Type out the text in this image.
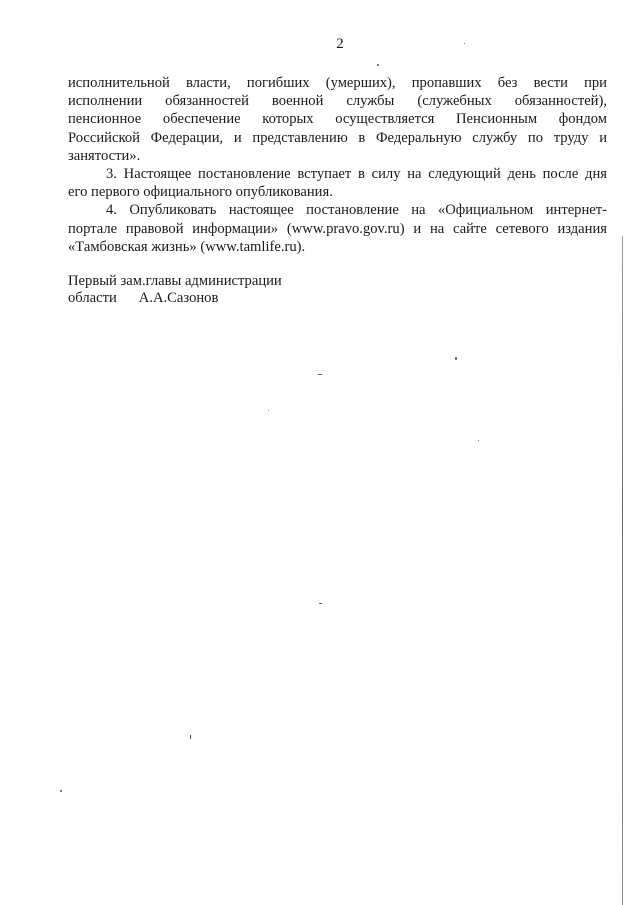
2
исполнительной власти, погибших (умерших), пропавших без вести при
исполнении обязанностей военной службы (служебных обязанностей),
пенсионное обеспечение которых осуществляется Пенсионным фондом
Российской Федерации, и представлению в Федеральную службу по труду и
занятости».
3. Настоящее постановление вступает в силу на следующий день после дня
его первого официального опубликования.
4. Опубликовать настоящее постановление на «Официальном интернет-
портале правовой информации» (www.pravo.gov.ru) и на сайте сетевого издания
«Тамбовская жизнь» (www.tamlife.ru).
Первый зам.главы администрации
области А.А.Сазонов
